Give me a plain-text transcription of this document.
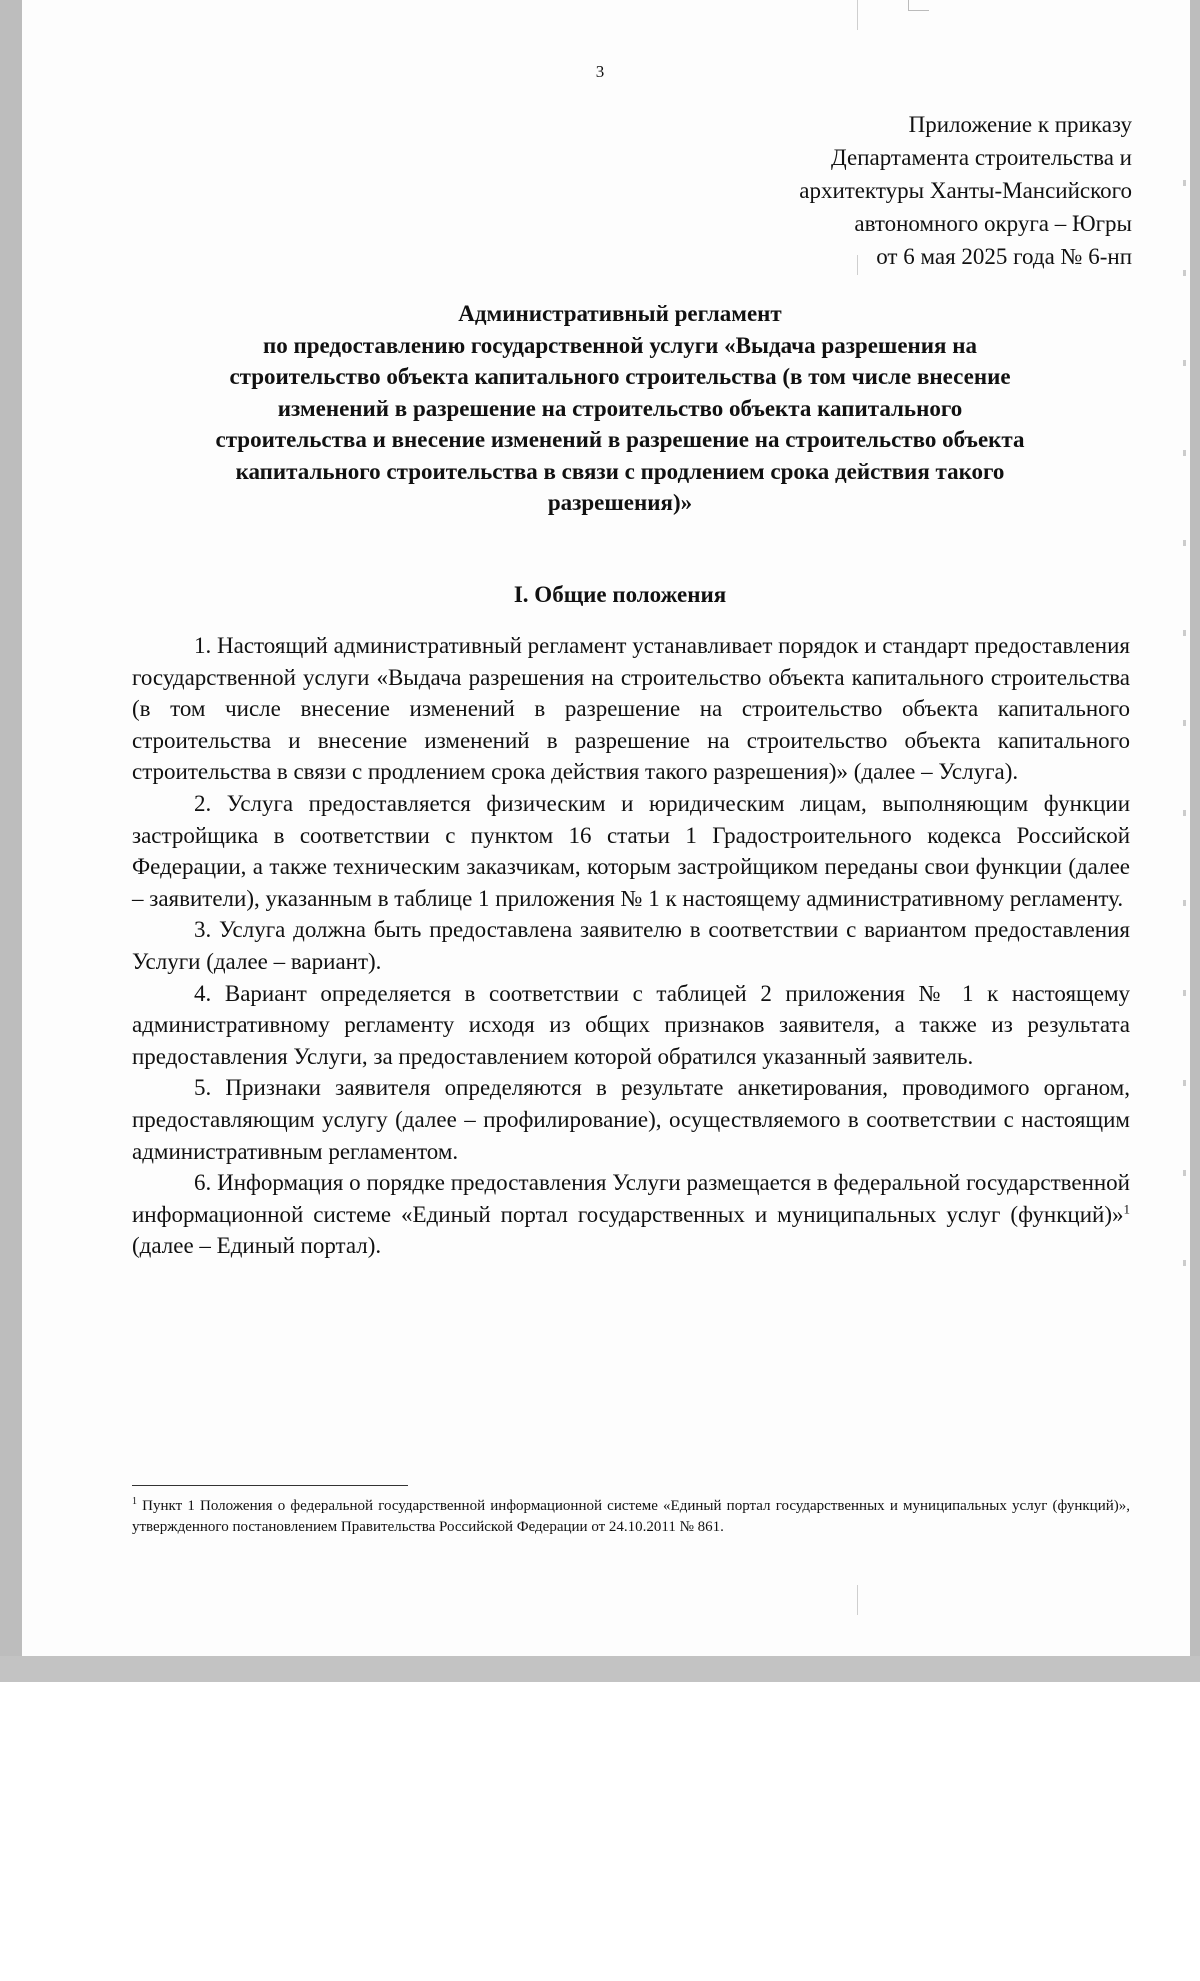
3
Приложение к приказу
Департамента строительства и
архитектуры Ханты-Мансийского
автономного округа – Югры
от 6 мая 2025 года № 6-нп
Административный регламент
по предоставлению государственной услуги «Выдача разрешения на
строительство объекта капитального строительства (в том числе внесение
изменений в разрешение на строительство объекта капитального
строительства и внесение изменений в разрешение на строительство объекта
капитального строительства в связи с продлением срока действия такого
разрешения)»
I. Общие положения

1. Настоящий административный регламент устанавливает порядок и стандарт предоставления государственной услуги «Выдача разрешения на строительство объекта капитального строительства (в том числе внесение изменений в разрешение на строительство объекта капитального строительства и внесение изменений в разрешение на строительство объекта капитального строительства в связи с продлением срока действия такого разрешения)» (далее – Услуга).

2. Услуга предоставляется физическим и юридическим лицам, выполняющим функции застройщика в соответствии с пунктом 16 статьи 1 Градостроительного кодекса Российской Федерации, а также техническим заказчикам, которым застройщиком переданы свои функции (далее – заявители), указанным в таблице 1 приложения № 1 к настоящему административному регламенту.

3. Услуга должна быть предоставлена заявителю в соответствии с вариантом предоставления Услуги (далее – вариант).

4. Вариант определяется в соответствии с таблицей 2 приложения № 1 к настоящему административному регламенту исходя из общих признаков заявителя, а также из результата предоставления Услуги, за предоставлением которой обратился указанный заявитель.

5. Признаки заявителя определяются в результате анкетирования, проводимого органом, предоставляющим услугу (далее – профилирование), осуществляемого в соответствии с настоящим административным регламентом.

6. Информация о порядке предоставления Услуги размещается в федеральной государственной информационной системе «Единый портал государственных и муниципальных услуг (функций)»$^1$ (далее – Единый портал).

$^1$ Пункт 1 Положения о федеральной государственной информационной системе «Единый портал государственных и муниципальных услуг (функций)», утвержденного постановлением Правительства Российской Федерации от 24.10.2011 № 861.
